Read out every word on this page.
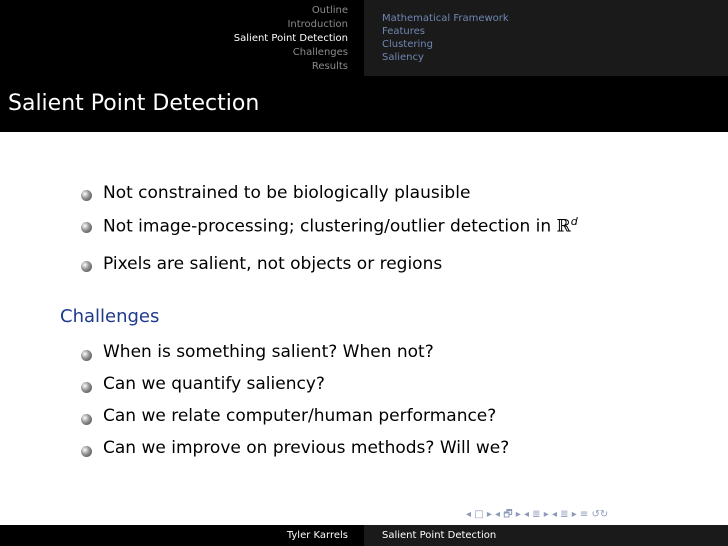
Outline
Introduction
Salient Point Detection
Challenges
Results
Mathematical Framework
Features
Clustering
Saliency
Salient Point Detection
Not constrained to be biologically plausible
Not image-processing; clustering/outlier detection in ℝ$^d$
Pixels are salient, not objects or regions
Challenges
When is something salient? When not?
Can we quantify saliency?
Can we relate computer/human performance?
Can we improve on previous methods? Will we?
◂ □ ▸ ◂ 🗗 ▸ ◂ ≣ ▸ ◂ ≣ ▸ ≡ ↺↻
Tyler Karrels	Salient Point Detection
